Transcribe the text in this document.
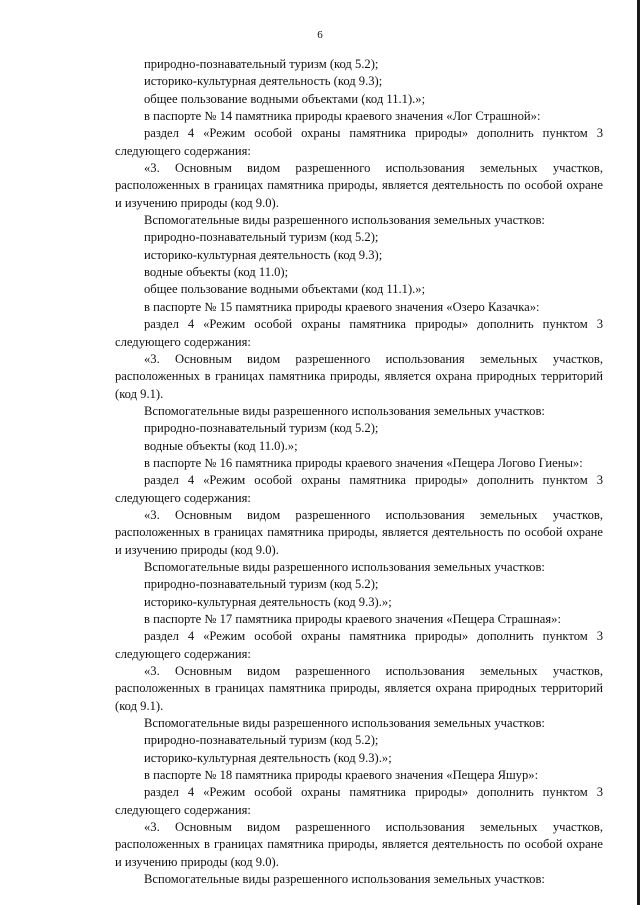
6

природно-познавательный туризм (код 5.2);

историко-культурная деятельность (код 9.3);

общее пользование водными объектами (код 11.1).»;

в паспорте № 14 памятника природы краевого значения «Лог Страшной»:

раздел 4 «Режим особой охраны памятника природы» дополнить пунктом 3 следующего содержания:

«3. Основным видом разрешенного использования земельных участков, расположенных в границах памятника природы, является деятельность по особой охране и изучению природы (код 9.0).

Вспомогательные виды разрешенного использования земельных участков:

природно-познавательный туризм (код 5.2);

историко-культурная деятельность (код 9.3);

водные объекты (код 11.0);

общее пользование водными объектами (код 11.1).»;

в паспорте № 15 памятника природы краевого значения «Озеро Казачка»:

раздел 4 «Режим особой охраны памятника природы» дополнить пунктом 3 следующего содержания:

«3. Основным видом разрешенного использования земельных участков, расположенных в границах памятника природы, является охрана природных территорий (код 9.1).

Вспомогательные виды разрешенного использования земельных участков:

природно-познавательный туризм (код 5.2);

водные объекты (код 11.0).»;

в паспорте № 16 памятника природы краевого значения «Пещера Логово Гиены»:

раздел 4 «Режим особой охраны памятника природы» дополнить пунктом 3 следующего содержания:

«3. Основным видом разрешенного использования земельных участков, расположенных в границах памятника природы, является деятельность по особой охране и изучению природы (код 9.0).

Вспомогательные виды разрешенного использования земельных участков:

природно-познавательный туризм (код 5.2);

историко-культурная деятельность (код 9.3).»;

в паспорте № 17 памятника природы краевого значения «Пещера Страшная»:

раздел 4 «Режим особой охраны памятника природы» дополнить пунктом 3 следующего содержания:

«3. Основным видом разрешенного использования земельных участков, расположенных в границах памятника природы, является охрана природных территорий (код 9.1).

Вспомогательные виды разрешенного использования земельных участков:

природно-познавательный туризм (код 5.2);

историко-культурная деятельность (код 9.3).»;

в паспорте № 18 памятника природы краевого значения «Пещера Яшур»:

раздел 4 «Режим особой охраны памятника природы» дополнить пунктом 3 следующего содержания:

«3. Основным видом разрешенного использования земельных участков, расположенных в границах памятника природы, является деятельность по особой охране и изучению природы (код 9.0).

Вспомогательные виды разрешенного использования земельных участков:
